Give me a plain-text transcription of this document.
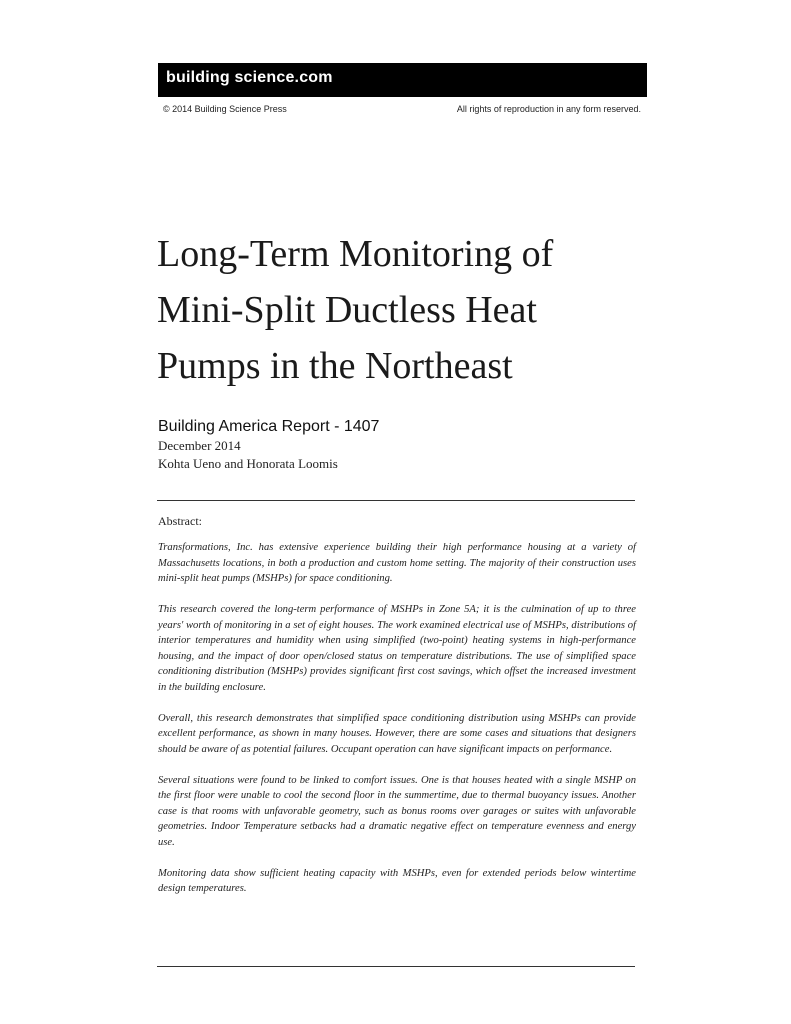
building science.com
© 2014 Building Science Press	All rights of reproduction in any form reserved.
Long-Term Monitoring of
Mini-Split Ductless Heat
Pumps in the Northeast
Building America Report - 1407
December 2014
Kohta Ueno and Honorata Loomis
Abstract:

Transformations, Inc. has extensive experience building their high performance housing at a variety of Massachusetts locations, in both a production and custom home setting. The majority of their construction uses mini-split heat pumps (MSHPs) for space conditioning.

This research covered the long-term performance of MSHPs in Zone 5A; it is the culmination of up to three years' worth of monitoring in a set of eight houses. The work examined electrical use of MSHPs, distributions of interior temperatures and humidity when using simplified (two-point) heating systems in high-performance housing, and the impact of door open/closed status on temperature distributions. The use of simplified space conditioning distribution (MSHPs) provides significant first cost savings, which offset the increased investment in the building enclosure.

Overall, this research demonstrates that simplified space conditioning distribution using MSHPs can provide excellent performance, as shown in many houses. However, there are some cases and situations that designers should be aware of as potential failures. Occupant operation can have significant impacts on performance.

Several situations were found to be linked to comfort issues. One is that houses heated with a single MSHP on the first floor were unable to cool the second floor in the summertime, due to thermal buoyancy issues. Another case is that rooms with unfavorable geometry, such as bonus rooms over garages or suites with unfavorable geometries. Indoor Temperature setbacks had a dramatic negative effect on temperature evenness and energy use.

Monitoring data show sufficient heating capacity with MSHPs, even for extended periods below wintertime design temperatures.
